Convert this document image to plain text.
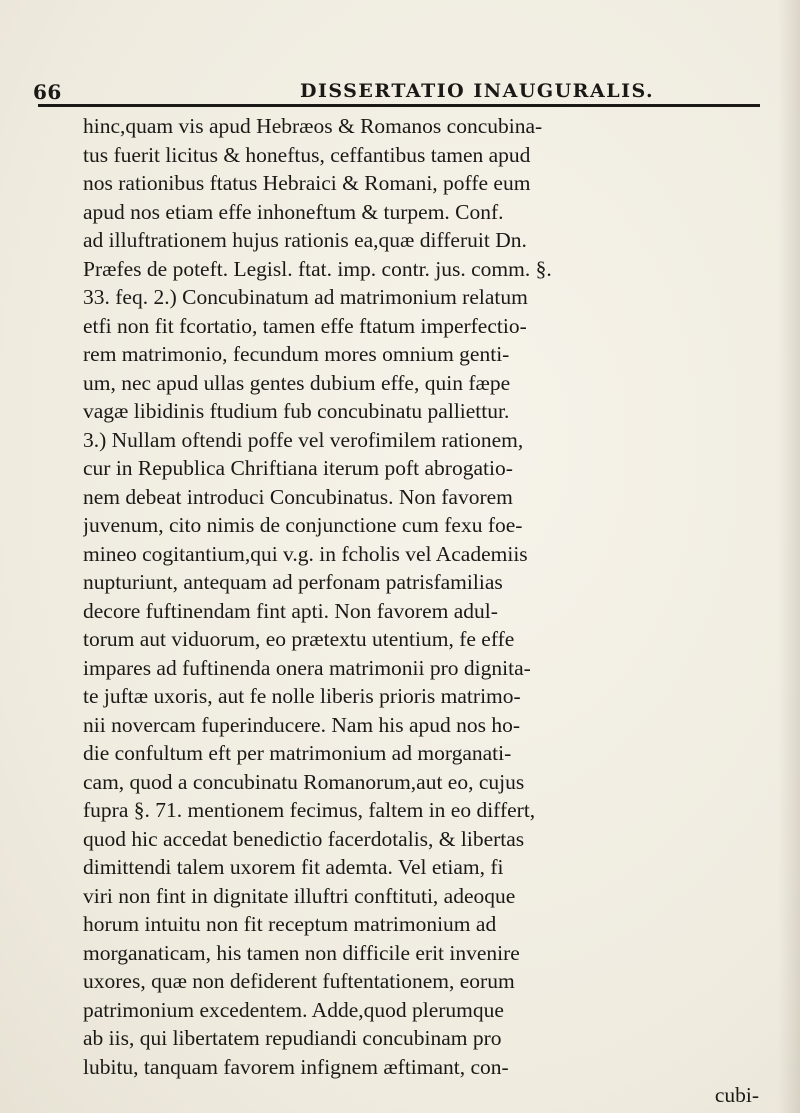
66	DISSERTATIO INAUGURALIS.
hinc,quam vis apud Hebræos & Romanos concubina-
tus fuerit licitus & honeftus, ceffantibus tamen apud
nos rationibus ftatus Hebraici & Romani, poffe eum
apud nos etiam effe inhoneftum & turpem. Conf.
ad illuftrationem hujus rationis ea,quæ differuit Dn.
Præfes de poteft. Legisl. ftat. imp. contr. jus. comm. §.
33. feq. 2.) Concubinatum ad matrimonium relatum
etfi non fit fcortatio, tamen effe ftatum imperfectio-
rem matrimonio, fecundum mores omnium genti-
um, nec apud ullas gentes dubium effe, quin fæpe
vagæ libidinis ftudium fub concubinatu palliettur.
3.) Nullam oftendi poffe vel verofimilem rationem,
cur in Republica Chriftiana iterum poft abrogatio-
nem debeat introduci Concubinatus. Non favorem
juvenum, cito nimis de conjunctione cum fexu foe-
mineo cogitantium,qui v.g. in fcholis vel Academiis
nupturiunt, antequam ad perfonam patrisfamilias
decore fuftinendam fint apti. Non favorem adul-
torum aut viduorum, eo prætextu utentium, fe effe
impares ad fuftinenda onera matrimonii pro dignita-
te juftæ uxoris, aut fe nolle liberis prioris matrimo-
nii novercam fuperinducere. Nam his apud nos ho-
die confultum eft per matrimonium ad morganati-
cam, quod a concubinatu Romanorum,aut eo, cujus
fupra §. 71. mentionem fecimus, faltem in eo differt,
quod hic accedat benedictio facerdotalis, & libertas
dimittendi talem uxorem fit ademta. Vel etiam, fi
viri non fint in dignitate illuftri conftituti, adeoque
horum intuitu non fit receptum matrimonium ad
morganaticam, his tamen non difficile erit invenire
uxores, quæ non defiderent fuftentationem, eorum
patrimonium excedentem. Adde,quod plerumque
ab iis, qui libertatem repudiandi concubinam pro
lubitu, tanquam favorem infignem æftimant, con-
cubi-
